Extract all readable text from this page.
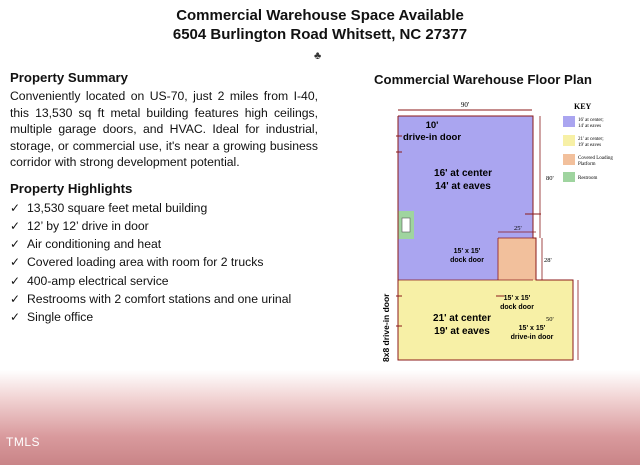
Commercial Warehouse Space Available
6504 Burlington Road Whitsett, NC 27377
♣
Property Summary

Conveniently located on US-70, just 2 miles from I-40, this 13,530 sq ft metal building features high ceilings, multiple garage doors, and HVAC. Ideal for industrial, storage, or commercial use, it's near a growing business corridor with strong development potential.

Property Highlights
✓ 13,530 square feet metal building
✓ 12’ by 12’ drive in door
✓ Air conditioning and heat
✓ Covered loading area with room for 2 trucks
✓ 400-amp electrical service
✓ Restrooms with 2 comfort stations and one urinal
✓ Single office
Commercial Warehouse Floor Plan
90'
80'
25'
28'
50'
10'
drive-in door
16' at center
14' at eaves
15' x 15'
dock door
15' x 15'
dock door
21' at center
19' at eaves	15' x 15'
drive-in door
8x8 drive-in door
KEY
16' at center;
14' at eaves
21' at center;
19' at eaves
Covered Loading
Platform
Restroom
TMLS
